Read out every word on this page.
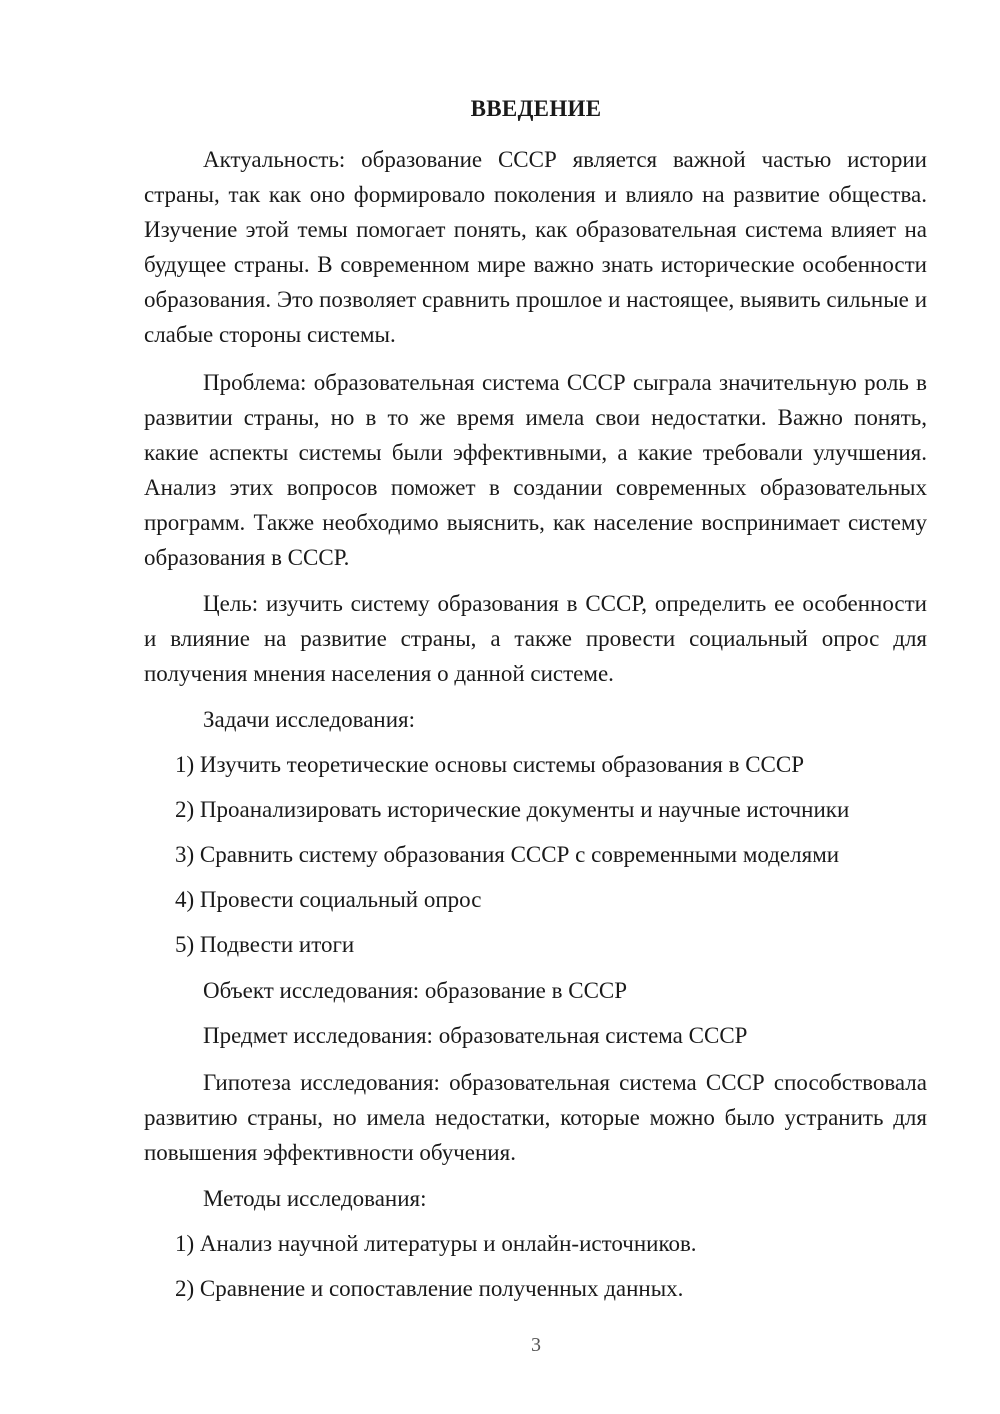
ВВЕДЕНИЕ

Актуальность: образование СССР является важной частью истории страны, так как оно формировало поколения и влияло на развитие общества. Изучение этой темы помогает понять, как образовательная система влияет на будущее страны. В современном мире важно знать исторические особенности образования. Это позволяет сравнить прошлое и настоящее, выявить сильные и слабые стороны системы.

Проблема: образовательная система СССР сыграла значительную роль в развитии страны, но в то же время имела свои недостатки. Важно понять, какие аспекты системы были эффективными, а какие требовали улучшения. Анализ этих вопросов поможет в создании современных образовательных программ. Также необходимо выяснить, как население воспринимает систему образования в СССР.

Цель: изучить систему образования в СССР, определить ее особенности и влияние на развитие страны, а также провести социальный опрос для получения мнения населения о данной системе.

Задачи исследования:

1) Изучить теоретические основы системы образования в СССР

2) Проанализировать исторические документы и научные источники

3) Сравнить систему образования СССР с современными моделями

4) Провести социальный опрос

5) Подвести итоги

Объект исследования: образование в СССР

Предмет исследования: образовательная система СССР

Гипотеза исследования: образовательная система СССР способствовала развитию страны, но имела недостатки, которые можно было устранить для повышения эффективности обучения.

Методы исследования:

1) Анализ научной литературы и онлайн-источников.

2) Сравнение и сопоставление полученных данных.

3
